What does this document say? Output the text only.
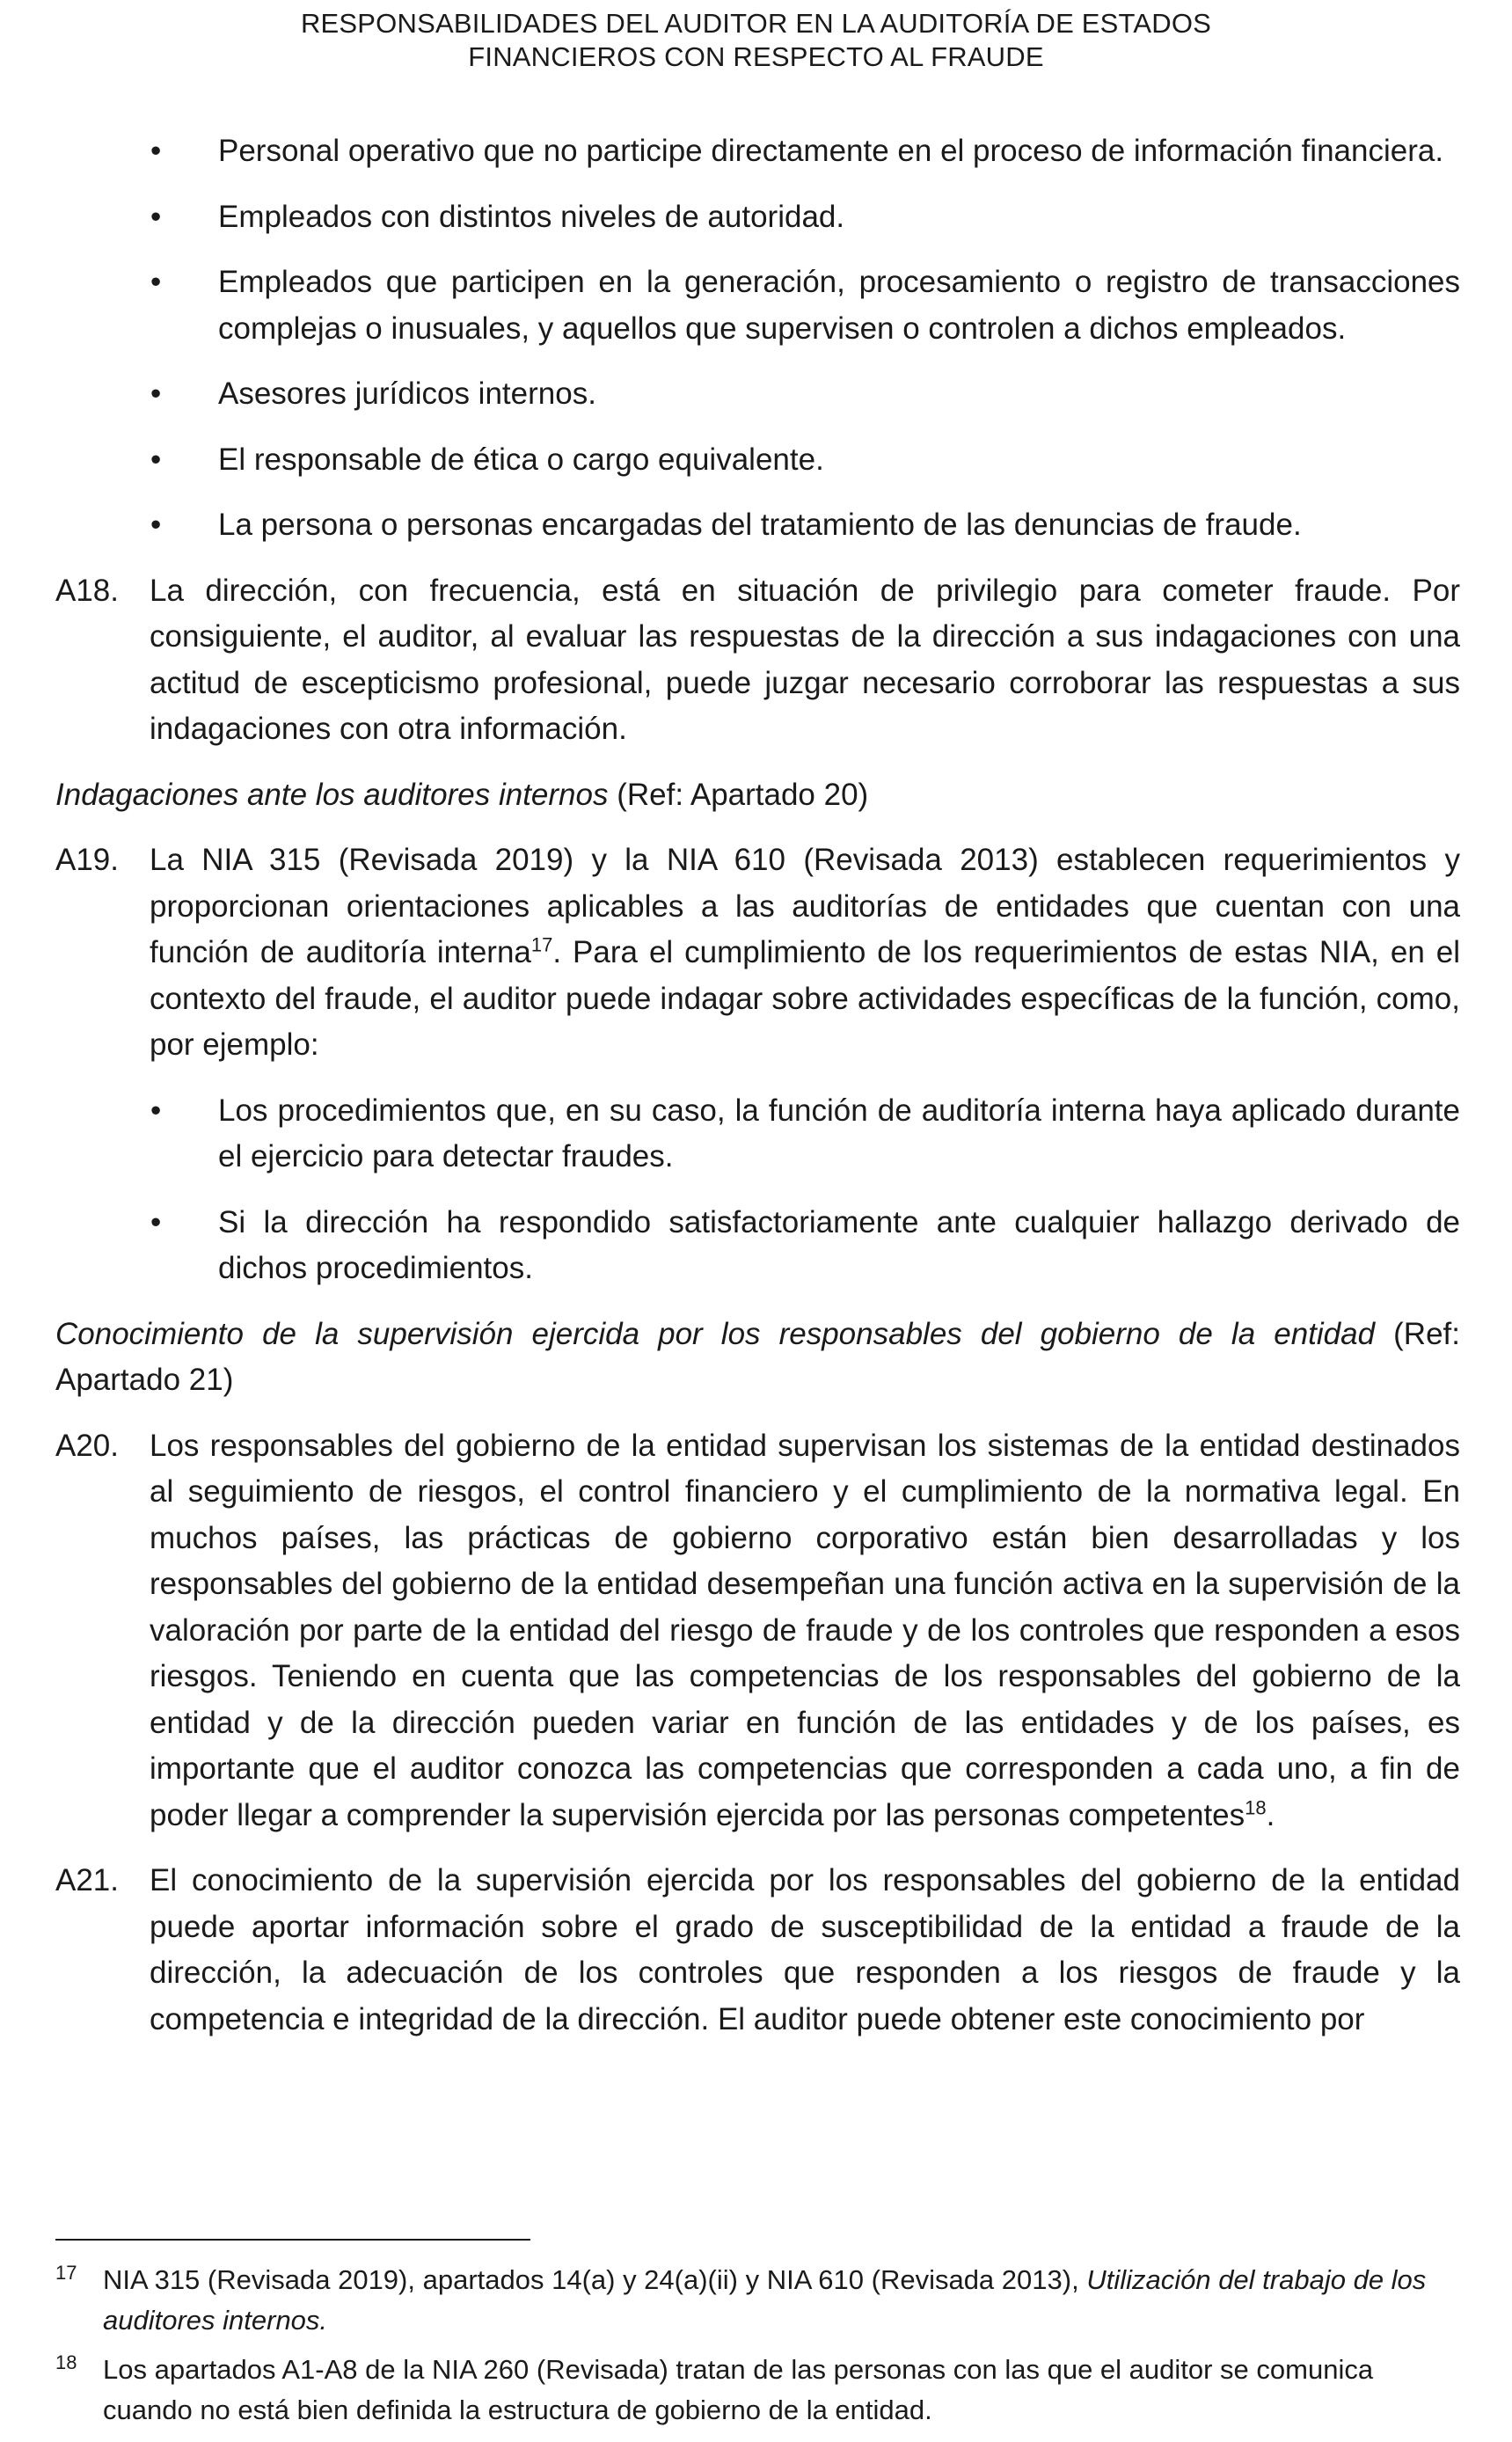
RESPONSABILIDADES DEL AUDITOR EN LA AUDITORÍA DE ESTADOS
FINANCIEROS CON RESPECTO AL FRAUDE
•	Personal operativo que no participe directamente en el proceso de información financiera.
•	Empleados con distintos niveles de autoridad.
•	Empleados que participen en la generación, procesamiento o registro de transacciones complejas o inusuales, y aquellos que supervisen o controlen a dichos empleados.
•	Asesores jurídicos internos.
•	El responsable de ética o cargo equivalente.
•	La persona o personas encargadas del tratamiento de las denuncias de fraude.
A18. La dirección, con frecuencia, está en situación de privilegio para cometer fraude. Por consiguiente, el auditor, al evaluar las respuestas de la dirección a sus indagaciones con una actitud de escepticismo profesional, puede juzgar necesario corroborar las respuestas a sus indagaciones con otra información.
Indagaciones ante los auditores internos (Ref: Apartado 20)
A19. La NIA 315 (Revisada 2019) y la NIA 610 (Revisada 2013) establecen requerimientos y proporcionan orientaciones aplicables a las auditorías de entidades que cuentan con una función de auditoría interna$^{17}$. Para el cumplimiento de los requerimientos de estas NIA, en el contexto del fraude, el auditor puede indagar sobre actividades específicas de la función, como, por ejemplo:
•	Los procedimientos que, en su caso, la función de auditoría interna haya aplicado durante el ejercicio para detectar fraudes.
•	Si la dirección ha respondido satisfactoriamente ante cualquier hallazgo derivado de dichos procedimientos.
Conocimiento de la supervisión ejercida por los responsables del gobierno de la entidad (Ref: Apartado 21)
A20. Los responsables del gobierno de la entidad supervisan los sistemas de la entidad destinados al seguimiento de riesgos, el control financiero y el cumplimiento de la normativa legal. En muchos países, las prácticas de gobierno corporativo están bien desarrolladas y los responsables del gobierno de la entidad desempeñan una función activa en la supervisión de la valoración por parte de la entidad del riesgo de fraude y de los controles que responden a esos riesgos. Teniendo en cuenta que las competencias de los responsables del gobierno de la entidad y de la dirección pueden variar en función de las entidades y de los países, es importante que el auditor conozca las competencias que corresponden a cada uno, a fin de poder llegar a comprender la supervisión ejercida por las personas competentes$^{18}$.
A21. El conocimiento de la supervisión ejercida por los responsables del gobierno de la entidad puede aportar información sobre el grado de susceptibilidad de la entidad a fraude de la dirección, la adecuación de los controles que responden a los riesgos de fraude y la competencia e integridad de la dirección. El auditor puede obtener este conocimiento por
17 NIA 315 (Revisada 2019), apartados 14(a) y 24(a)(ii) y NIA 610 (Revisada 2013), Utilización del trabajo de los auditores internos.
18 Los apartados A1-A8 de la NIA 260 (Revisada) tratan de las personas con las que el auditor se comunica cuando no está bien definida la estructura de gobierno de la entidad.
